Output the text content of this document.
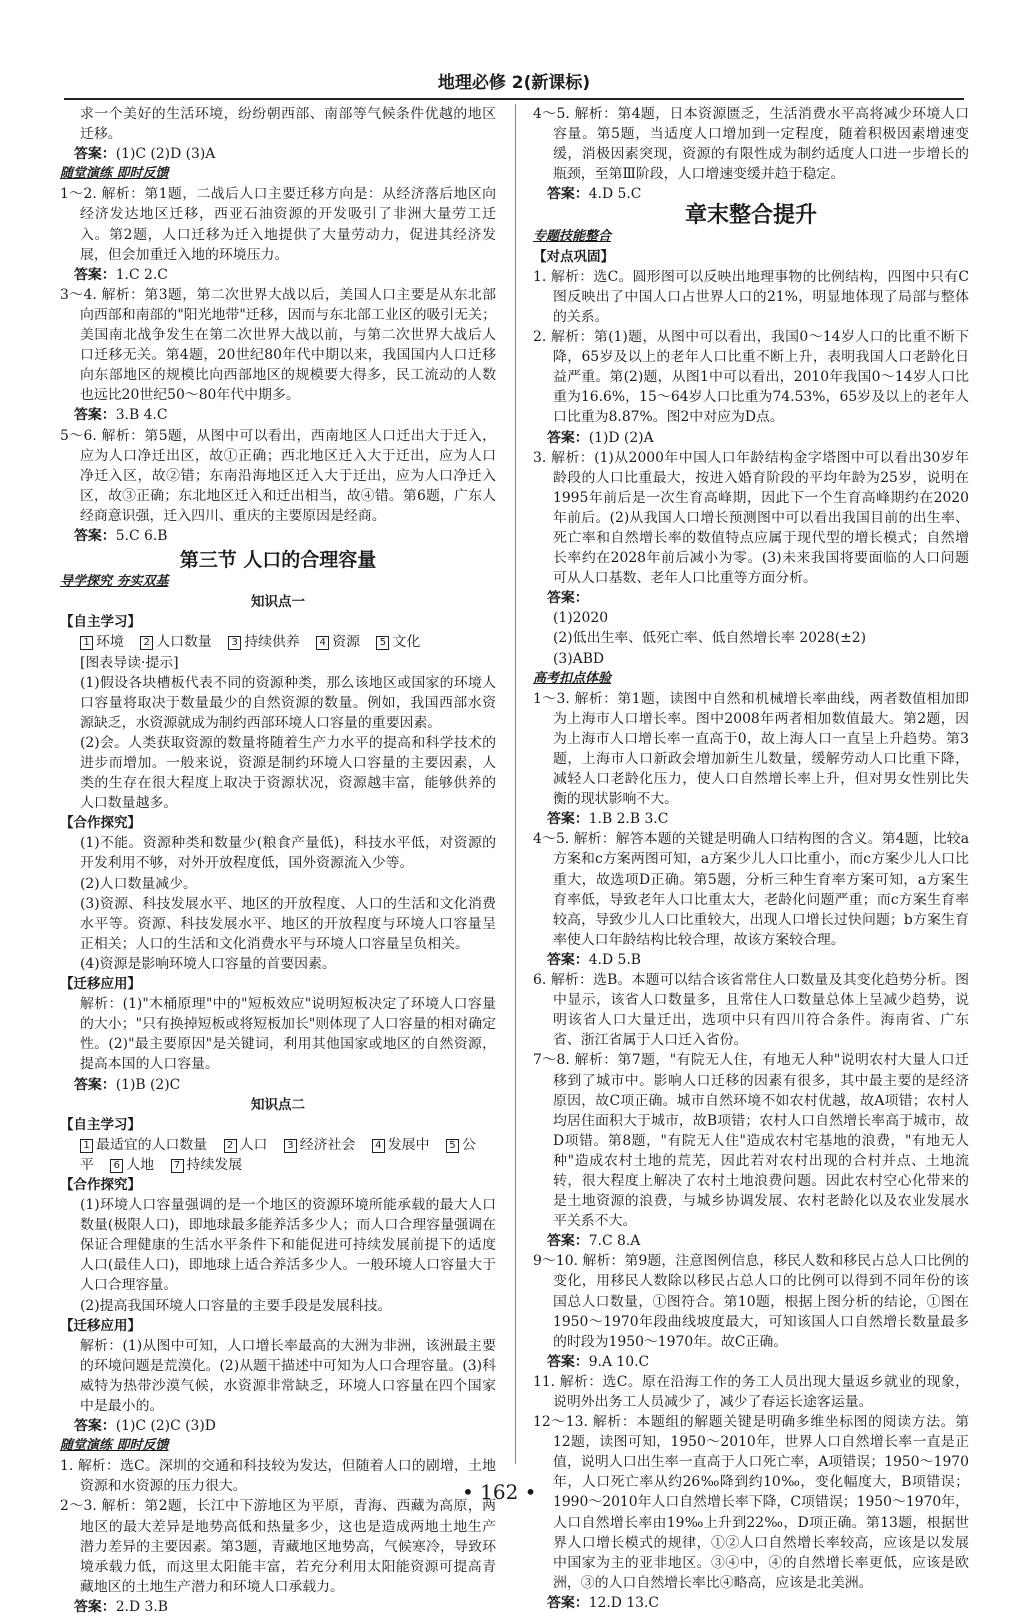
地理必修 2(新课标)

求一个美好的生活环境，纷纷朝西部、南部等气候条件优越的地区迁移。

答案：(1)C (2)D (3)A

随堂演练 即时反馈

1～2. 解析：第1题，二战后人口主要迁移方向是：从经济落后地区向经济发达地区迁移，西亚石油资源的开发吸引了非洲大量劳工迁入。第2题，人口迁移为迁入地提供了大量劳动力，促进其经济发展，但会加重迁入地的环境压力。

答案：1.C 2.C

3～4. 解析：第3题，第二次世界大战以后，美国人口主要是从东北部向西部和南部的"阳光地带"迁移，因而与东北部工业区的吸引无关；美国南北战争发生在第二次世界大战以前，与第二次世界大战后人口迁移无关。第4题，20世纪80年代中期以来，我国国内人口迁移向东部地区的规模比向西部地区的规模要大得多，民工流动的人数也远比20世纪50～80年代中期多。

答案：3.B 4.C

5～6. 解析：第5题，从图中可以看出，西南地区人口迁出大于迁入，应为人口净迁出区，故①正确；西北地区迁入大于迁出，应为人口净迁入区，故②错；东南沿海地区迁入大于迁出，应为人口净迁入区，故③正确；东北地区迁入和迁出相当，故④错。第6题，广东人经商意识强，迁入四川、重庆的主要原因是经商。

答案：5.C 6.B

第三节 人口的合理容量

导学探究 夯实双基

知识点一

【自主学习】

1 环境 2 人口数量 3 持续供养 4 资源 5 文化

[图表导读·提示]

(1)假设各块槽板代表不同的资源种类，那么该地区或国家的环境人口容量将取决于数量最少的自然资源的数量。例如，我国西部水资源缺乏，水资源就成为制约西部环境人口容量的重要因素。

(2)会。人类获取资源的数量将随着生产力水平的提高和科学技术的进步而增加。一般来说，资源是制约环境人口容量的主要因素，人类的生存在很大程度上取决于资源状况，资源越丰富，能够供养的人口数量越多。

【合作探究】

(1)不能。资源种类和数量少(粮食产量低)，科技水平低，对资源的开发利用不够，对外开放程度低，国外资源流入少等。

(2)人口数量减少。

(3)资源、科技发展水平、地区的开放程度、人口的生活和文化消费水平等。资源、科技发展水平、地区的开放程度与环境人口容量呈正相关；人口的生活和文化消费水平与环境人口容量呈负相关。

(4)资源是影响环境人口容量的首要因素。

【迁移应用】

解析：(1)"木桶原理"中的"短板效应"说明短板决定了环境人口容量的大小；"只有换掉短板或将短板加长"则体现了人口容量的相对确定性。(2)"最主要原因"是关键词，利用其他国家或地区的自然资源，提高本国的人口容量。

答案：(1)B (2)C

知识点二

【自主学习】

1 最适宜的人口数量 2 人口 3 经济社会 4 发展中 5 公平 6 人地 7 持续发展

【合作探究】

(1)环境人口容量强调的是一个地区的资源环境所能承载的最大人口数量(极限人口)，即地球最多能养活多少人；而人口合理容量强调在保证合理健康的生活水平条件下和能促进可持续发展前提下的适度人口(最佳人口)，即地球上适合养活多少人。一般环境人口容量大于人口合理容量。

(2)提高我国环境人口容量的主要手段是发展科技。

【迁移应用】

解析：(1)从图中可知，人口增长率最高的大洲为非洲，该洲最主要的环境问题是荒漠化。(2)从题干描述中可知为人口合理容量。(3)科威特为热带沙漠气候，水资源非常缺乏，环境人口容量在四个国家中是最小的。

答案：(1)C (2)C (3)D

随堂演练 即时反馈

1. 解析：选C。深圳的交通和科技较为发达，但随着人口的剧增，土地资源和水资源的压力很大。

2～3. 解析：第2题，长江中下游地区为平原，青海、西藏为高原，两地区的最大差异是地势高低和热量多少，这也是造成两地土地生产潜力差异的主要因素。第3题，青藏地区地势高，气候寒冷，导致环境承载力低，而这里太阳能丰富，若充分利用太阳能资源可提高青藏地区的土地生产潜力和环境人口承载力。

答案：2.D 3.B

4～5. 解析：第4题，日本资源匮乏，生活消费水平高将减少环境人口容量。第5题，当适度人口增加到一定程度，随着积极因素增速变缓，消极因素突现，资源的有限性成为制约适度人口进一步增长的瓶颈，至第Ⅲ阶段，人口增速变缓并趋于稳定。

答案：4.D 5.C

章末整合提升

专题技能整合

【对点巩固】

1. 解析：选C。圆形图可以反映出地理事物的比例结构，四图中只有C图反映出了中国人口占世界人口的21%，明显地体现了局部与整体的关系。

2. 解析：第(1)题，从图中可以看出，我国0～14岁人口的比重不断下降，65岁及以上的老年人口比重不断上升，表明我国人口老龄化日益严重。第(2)题，从图1中可以看出，2010年我国0～14岁人口比重为16.6%，15～64岁人口比重为74.53%，65岁及以上的老年人口比重为8.87%。图2中对应为D点。

答案：(1)D (2)A

3. 解析：(1)从2000年中国人口年龄结构金字塔图中可以看出30岁年龄段的人口比重最大，按进入婚育阶段的平均年龄为25岁，说明在1995年前后是一次生育高峰期，因此下一个生育高峰期约在2020年前后。(2)从我国人口增长预测图中可以看出我国目前的出生率、死亡率和自然增长率的数值特点应属于现代型的增长模式；自然增长率约在2028年前后减小为零。(3)未来我国将要面临的人口问题可从人口基数、老年人口比重等方面分析。

答案：

(1)2020

(2)低出生率、低死亡率、低自然增长率 2028(±2)

(3)ABD

高考扣点体验

1～3. 解析：第1题，读图中自然和机械增长率曲线，两者数值相加即为上海市人口增长率。图中2008年两者相加数值最大。第2题，因为上海市人口增长率一直高于0，故上海人口一直呈上升趋势。第3题，上海市人口新政会增加新生儿数量，缓解劳动人口比重下降，减轻人口老龄化压力，使人口自然增长率上升，但对男女性别比失衡的现状影响不大。

答案：1.B 2.B 3.C

4～5. 解析：解答本题的关键是明确人口结构图的含义。第4题，比较a方案和c方案两图可知，a方案少儿人口比重小，而c方案少儿人口比重大，故选项D正确。第5题，分析三种生育率方案可知，a方案生育率低，导致老年人口比重太大，老龄化问题严重；而c方案生育率较高，导致少儿人口比重较大，出现人口增长过快问题；b方案生育率使人口年龄结构比较合理，故该方案较合理。

答案：4.D 5.B

6. 解析：选B。本题可以结合该省常住人口数量及其变化趋势分析。图中显示，该省人口数量多，且常住人口数量总体上呈减少趋势，说明该省人口大量迁出，选项中只有四川符合条件。海南省、广东省、浙江省属于人口迁入省份。

7～8. 解析：第7题，"有院无人住，有地无人种"说明农村大量人口迁移到了城市中。影响人口迁移的因素有很多，其中最主要的是经济原因，故C项正确。城市自然环境不如农村优越，故A项错；农村人均居住面积大于城市，故B项错；农村人口自然增长率高于城市，故D项错。第8题，"有院无人住"造成农村宅基地的浪费，"有地无人种"造成农村土地的荒芜，因此若对农村出现的合村并点、土地流转，很大程度上解决了农村土地浪费问题。因此农村空心化带来的是土地资源的浪费，与城乡协调发展、农村老龄化以及农业发展水平关系不大。

答案：7.C 8.A

9～10. 解析：第9题，注意图例信息，移民人数和移民占总人口比例的变化，用移民人数除以移民占总人口的比例可以得到不同年份的该国总人口数量，①图符合。第10题，根据上图分析的结论，①图在1950～1970年段曲线坡度最大，可知该国人口自然增长数量最多的时段为1950～1970年。故C正确。

答案：9.A 10.C

11. 解析：选C。原在沿海工作的务工人员出现大量返乡就业的现象，说明外出务工人员减少了，减少了春运长途客运量。

12～13. 解析：本题组的解题关键是明确多维坐标图的阅读方法。第12题，读图可知，1950～2010年，世界人口自然增长率一直是正值，说明人口出生率一直高于人口死亡率，A项错误；1950～1970年，人口死亡率从约26‰降到约10‰，变化幅度大，B项错误；1990～2010年人口自然增长率下降，C项错误；1950～1970年，人口自然增长率由19‰上升到22‰，D项正确。第13题，根据世界人口增长模式的规律，①②人口自然增长率较高，应该是以发展中国家为主的亚非地区。③④中，④的自然增长率更低，应该是欧洲，③的人口自然增长率比④略高，应该是北美洲。

答案：12.D 13.C

• 162 •
